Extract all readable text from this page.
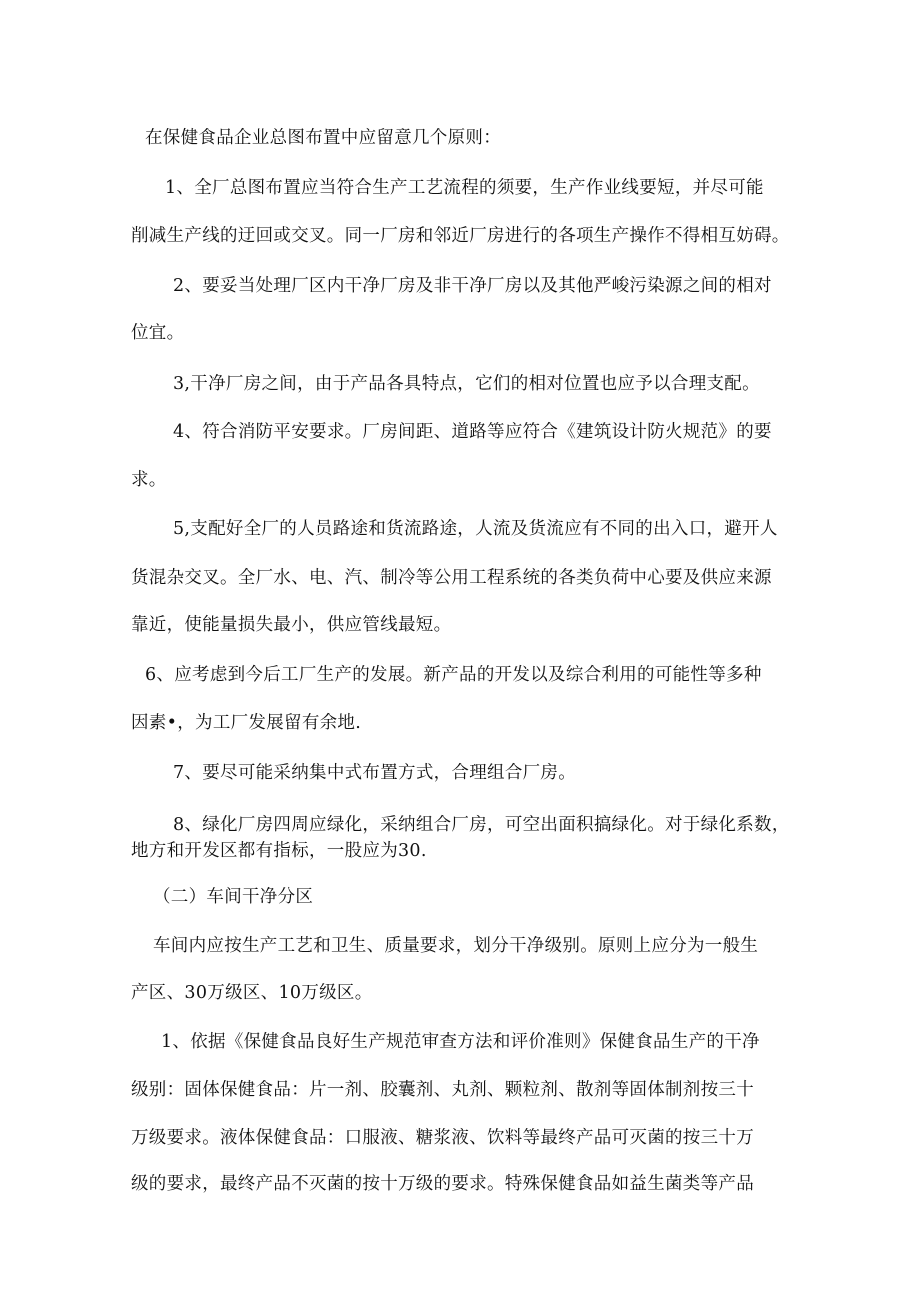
在保健食品企业总图布置中应留意几个原则：
1、全厂总图布置应当符合生产工艺流程的须要，生产作业线要短，并尽可能
削减生产线的迂回或交叉。同一厂房和邻近厂房进行的各项生产操作不得相互妨碍。
2、要妥当处理厂区内干净厂房及非干净厂房以及其他严峻污染源之间的相对
位宜。
3,干净厂房之间，由于产品各具特点，它们的相对位置也应予以合理支配。
4、符合消防平安要求。厂房间距、道路等应符合《建筑设计防火规范》的要
求。
5,支配好全厂的人员路途和货流路途，人流及货流应有不同的出入口，避开人
货混杂交叉。全厂水、电、汽、制冷等公用工程系统的各类负荷中心要及供应来源
靠近，使能量损失最小，供应管线最短。
6、应考虑到今后工厂生产的发展。新产品的开发以及综合利用的可能性等多种
因素•，为工厂发展留有余地.
7、要尽可能采纳集中式布置方式，合理组合厂房。
8、绿化厂房四周应绿化，采纳组合厂房，可空出面积搞绿化。对于绿化系数，
地方和开发区都有指标，一股应为30.
（二）车间干净分区
车间内应按生产工艺和卫生、质量要求，划分干净级别。原则上应分为一般生
产区、30万级区、10万级区。
1、依据《保健食品良好生产规范审查方法和评价准则》保健食品生产的干净
级别：固体保健食品：片一剂、胶囊剂、丸剂、颗粒剂、散剂等固体制剂按三十
万级要求。液体保健食品：口服液、糖浆液、饮料等最终产品可灭菌的按三十万
级的要求，最终产品不灭菌的按十万级的要求。特殊保健食品如益生菌类等产品
